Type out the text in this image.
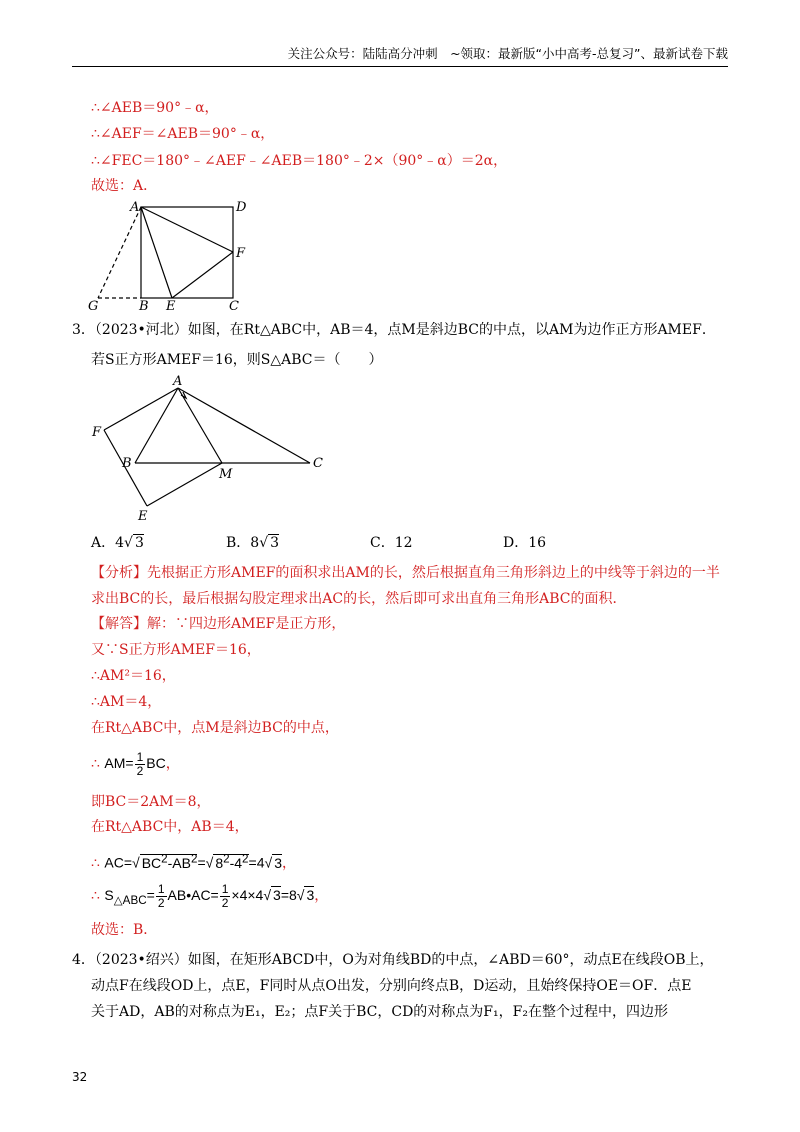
关注公众号：陆陆高分冲刺　~领取：最新版“小中高考-总复习”、最新试卷下载
∴∠AEB＝90°﹣α，
∴∠AEF＝∠AEB＝90°﹣α，
∴∠FEC＝180°﹣∠AEF﹣∠AEB＝180°﹣2×（90°﹣α）＝2α，
故选：A．
A	D
F
G	B E	C
3．（2023•河北）如图，在Rt△ABC中，AB＝4，点M是斜边BC的中点，以AM为边作正方形AMEF．
若S正方形AMEF＝16，则S△ABC＝（　　）
A
F
B
M
C
E
A．4√ 3	B．8√ 3	C．12	D．16
【分析】先根据正方形AMEF的面积求出AM的长，然后根据直角三角形斜边上的中线等于斜边的一半
求出BC的长，最后根据勾股定理求出AC的长，然后即可求出直角三角形ABC的面积．
【解答】解：∵四边形AMEF是正方形，
又∵S正方形AMEF＝16，
∴AM²＝16，
∴AM＝4，
在Rt△ABC中，点M是斜边BC的中点，
∴ $AM= \frac{1}{2}$ BC，
即BC＝2AM＝8，
在Rt△ABC中，AB＝4，
∴ AC=√ $BC^2-AB^2=√$ $8^2-4^2=4√$ 3，
∴ $S_{\triangle ABC}= \frac{1}{2}$ AB•AC= $\frac{1}{2} \times 4\times 4√$ 3=8√ 3，
故选：B．
4．（2023•绍兴）如图，在矩形ABCD中，O为对角线BD的中点，∠ABD＝60°，动点E在线段OB上，
动点F在线段OD上，点E，F同时从点O出发，分别向终点B，D运动，且始终保持OE＝OF．点E
关于AD，AB的对称点为E₁，E₂；点F关于BC，CD的对称点为F₁，F₂在整个过程中，四边形
32
